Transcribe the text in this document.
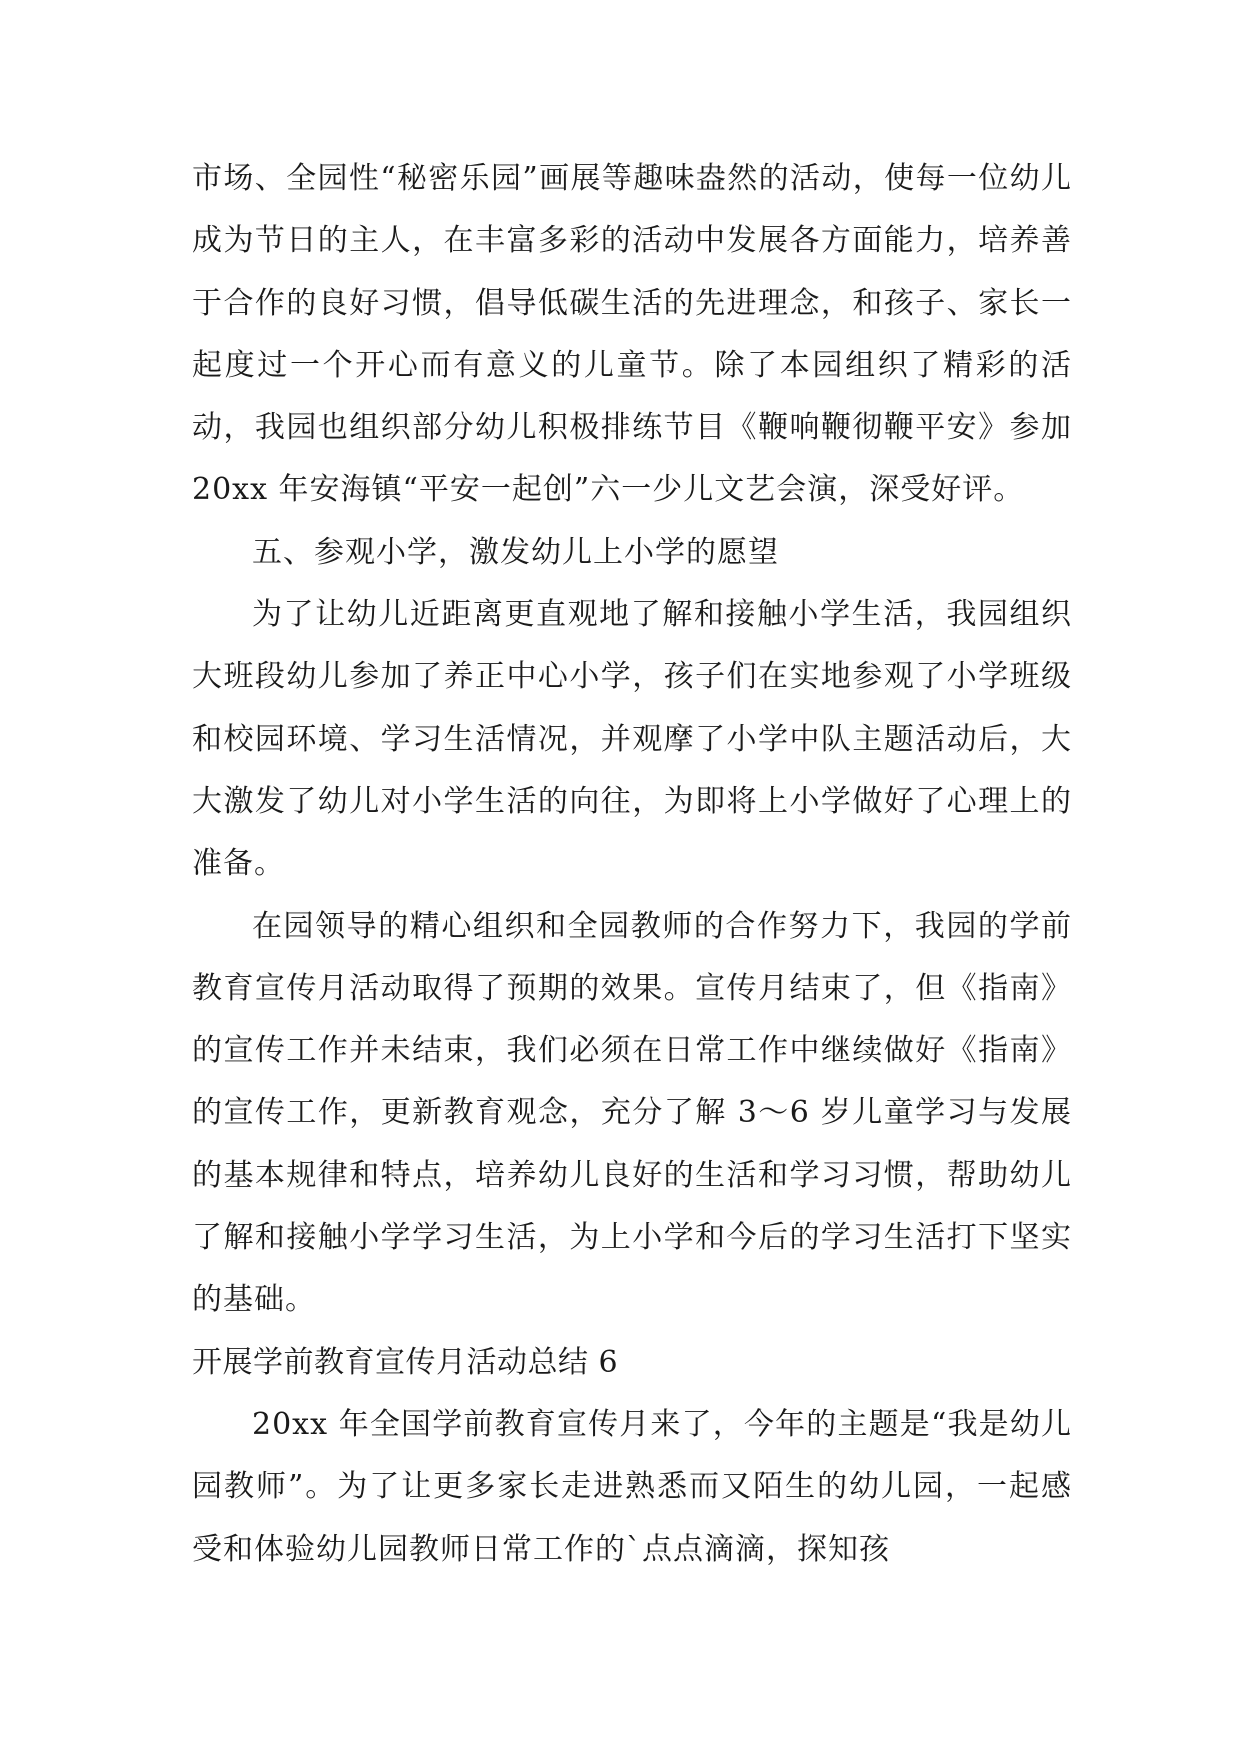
市场、全园性“秘密乐园”画展等趣味盎然的活动，使每一位幼儿成为节日的主人，在丰富多彩的活动中发展各方面能力，培养善于合作的良好习惯，倡导低碳生活的先进理念，和孩子、家长一起度过一个开心而有意义的儿童节。除了本园组织了精彩的活动，我园也组织部分幼儿积极排练节目《鞭响鞭彻鞭平安》参加 20xx 年安海镇“平安一起创”六一少儿文艺会演，深受好评。

五、参观小学，激发幼儿上小学的愿望

为了让幼儿近距离更直观地了解和接触小学生活，我园组织大班段幼儿参加了养正中心小学，孩子们在实地参观了小学班级和校园环境、学习生活情况，并观摩了小学中队主题活动后，大大激发了幼儿对小学生活的向往，为即将上小学做好了心理上的准备。

在园领导的精心组织和全园教师的合作努力下，我园的学前教育宣传月活动取得了预期的效果。宣传月结束了，但《指南》的宣传工作并未结束，我们必须在日常工作中继续做好《指南》的宣传工作，更新教育观念，充分了解 3～6 岁儿童学习与发展的基本规律和特点，培养幼儿良好的生活和学习习惯，帮助幼儿了解和接触小学学习生活，为上小学和今后的学习生活打下坚实的基础。

开展学前教育宣传月活动总结 6

20xx 年全国学前教育宣传月来了，今年的主题是“我是幼儿园教师”。为了让更多家长走进熟悉而又陌生的幼儿园，一起感受和体验幼儿园教师日常工作的`点点滴滴，探知孩
